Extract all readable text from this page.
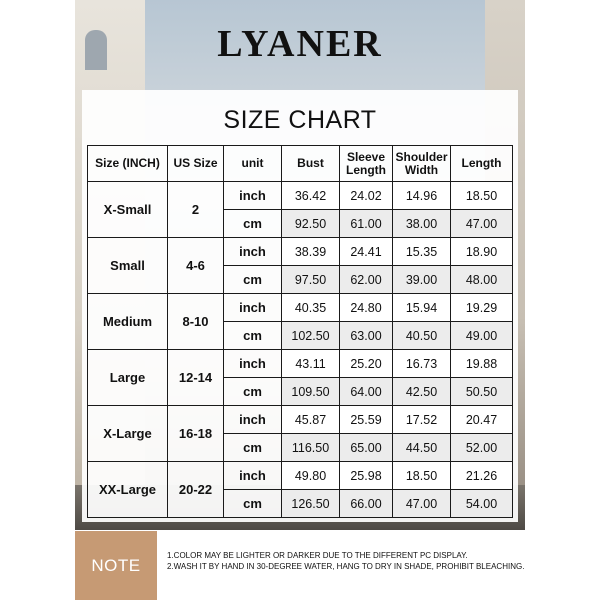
LYANER
SIZE CHART
Size (INCH)	US Size	unit	Bust	Sleeve Length	Shoulder Width	Length
X-Small	2	inch	36.42	24.02	14.96	18.50
		cm	92.50	61.00	38.00	47.00
Small	4-6	inch	38.39	24.41	15.35	18.90
		cm	97.50	62.00	39.00	48.00
Medium	8-10	inch	40.35	24.80	15.94	19.29
		cm	102.50	63.00	40.50	49.00
Large	12-14	inch	43.11	25.20	16.73	19.88
		cm	109.50	64.00	42.50	50.50
X-Large	16-18	inch	45.87	25.59	17.52	20.47
		cm	116.50	65.00	44.50	52.00
XX-Large	20-22	inch	49.80	25.98	18.50	21.26
		cm	126.50	66.00	47.00	54.00
NOTE	1.COLOR MAY BE LIGHTER OR DARKER DUE TO THE DIFFERENT PC DISPLAY.
2.WASH IT BY HAND IN 30-DEGREE WATER, HANG TO DRY IN SHADE, PROHIBIT BLEACHING.
